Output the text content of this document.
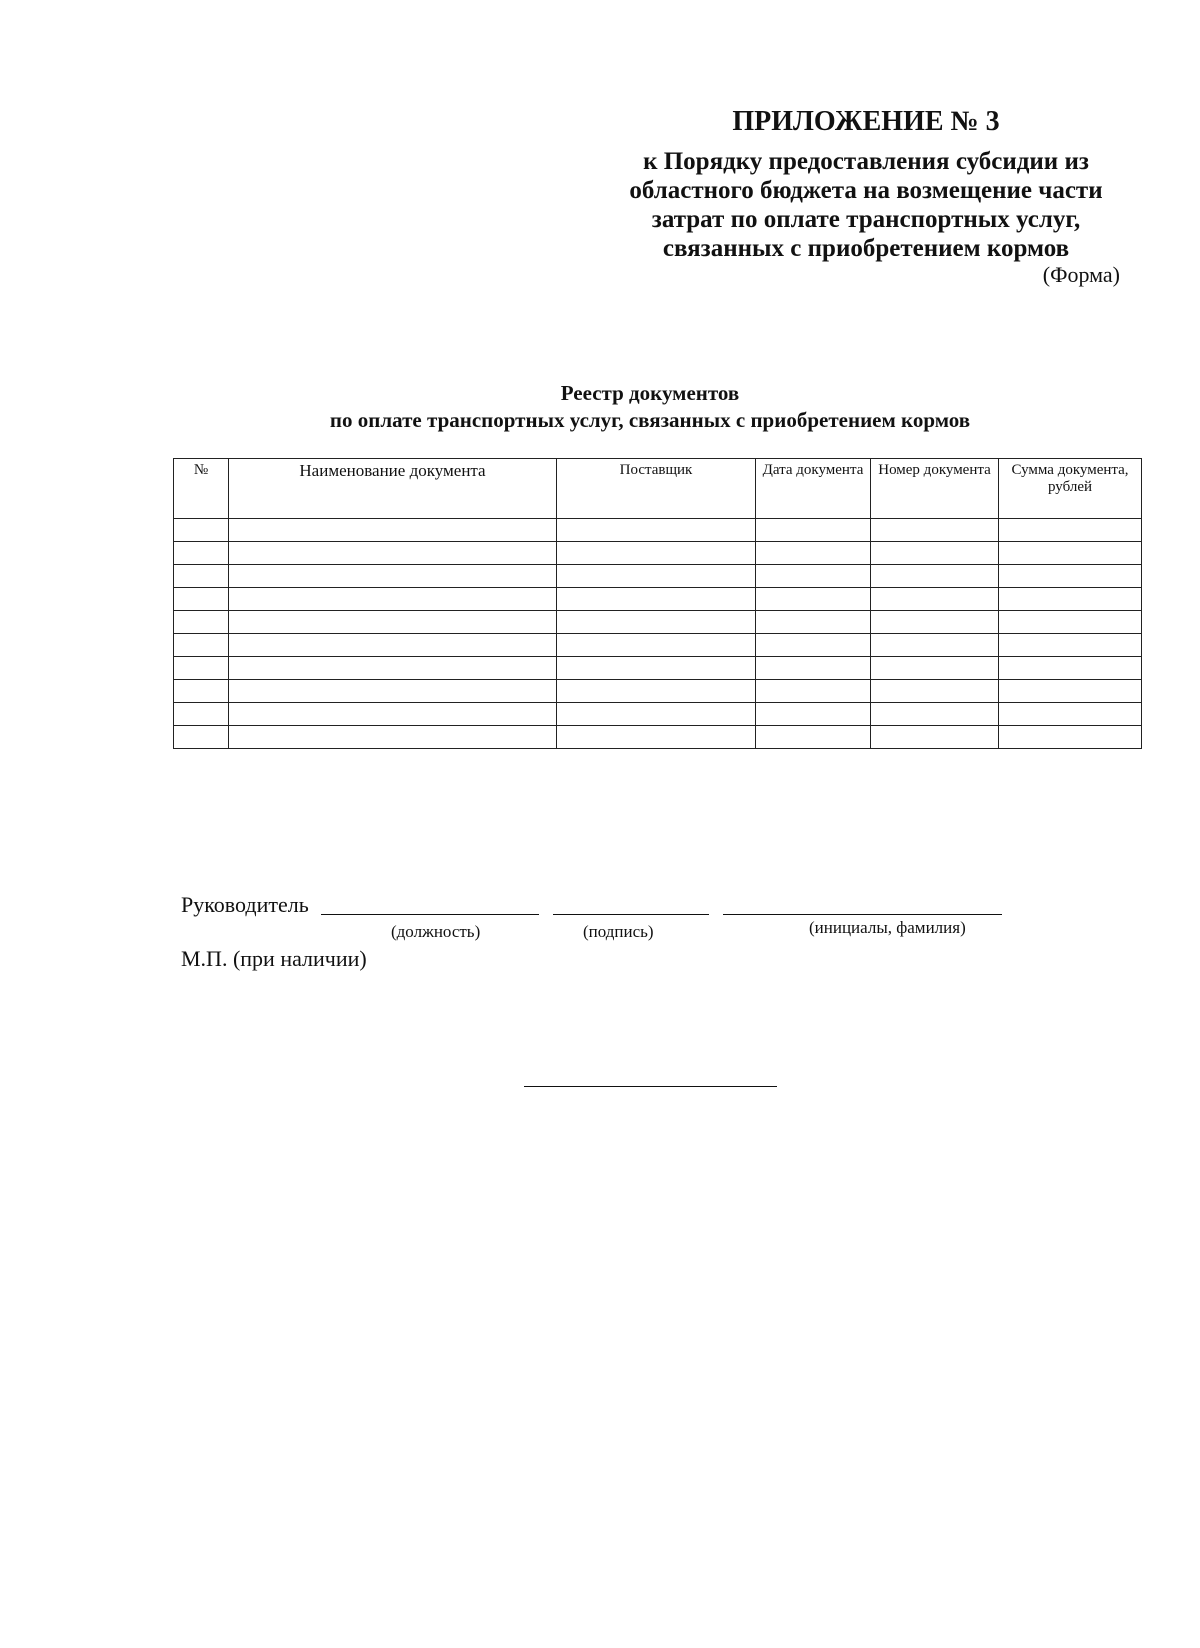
ПРИЛОЖЕНИЕ № 3
к Порядку предоставления субсидии из
областного бюджета на возмещение части
затрат по оплате транспортных услуг,
связанных с приобретением кормов
(Форма)
Реестр документов
по оплате транспортных услуг, связанных с приобретением кормов
№	Наименование документа	Поставщик	Дата документа	Номер документа	Сумма документа, рублей

Руководитель
(должность)	(подпись)	(инициалы, фамилия)
М.П. (при наличии)
